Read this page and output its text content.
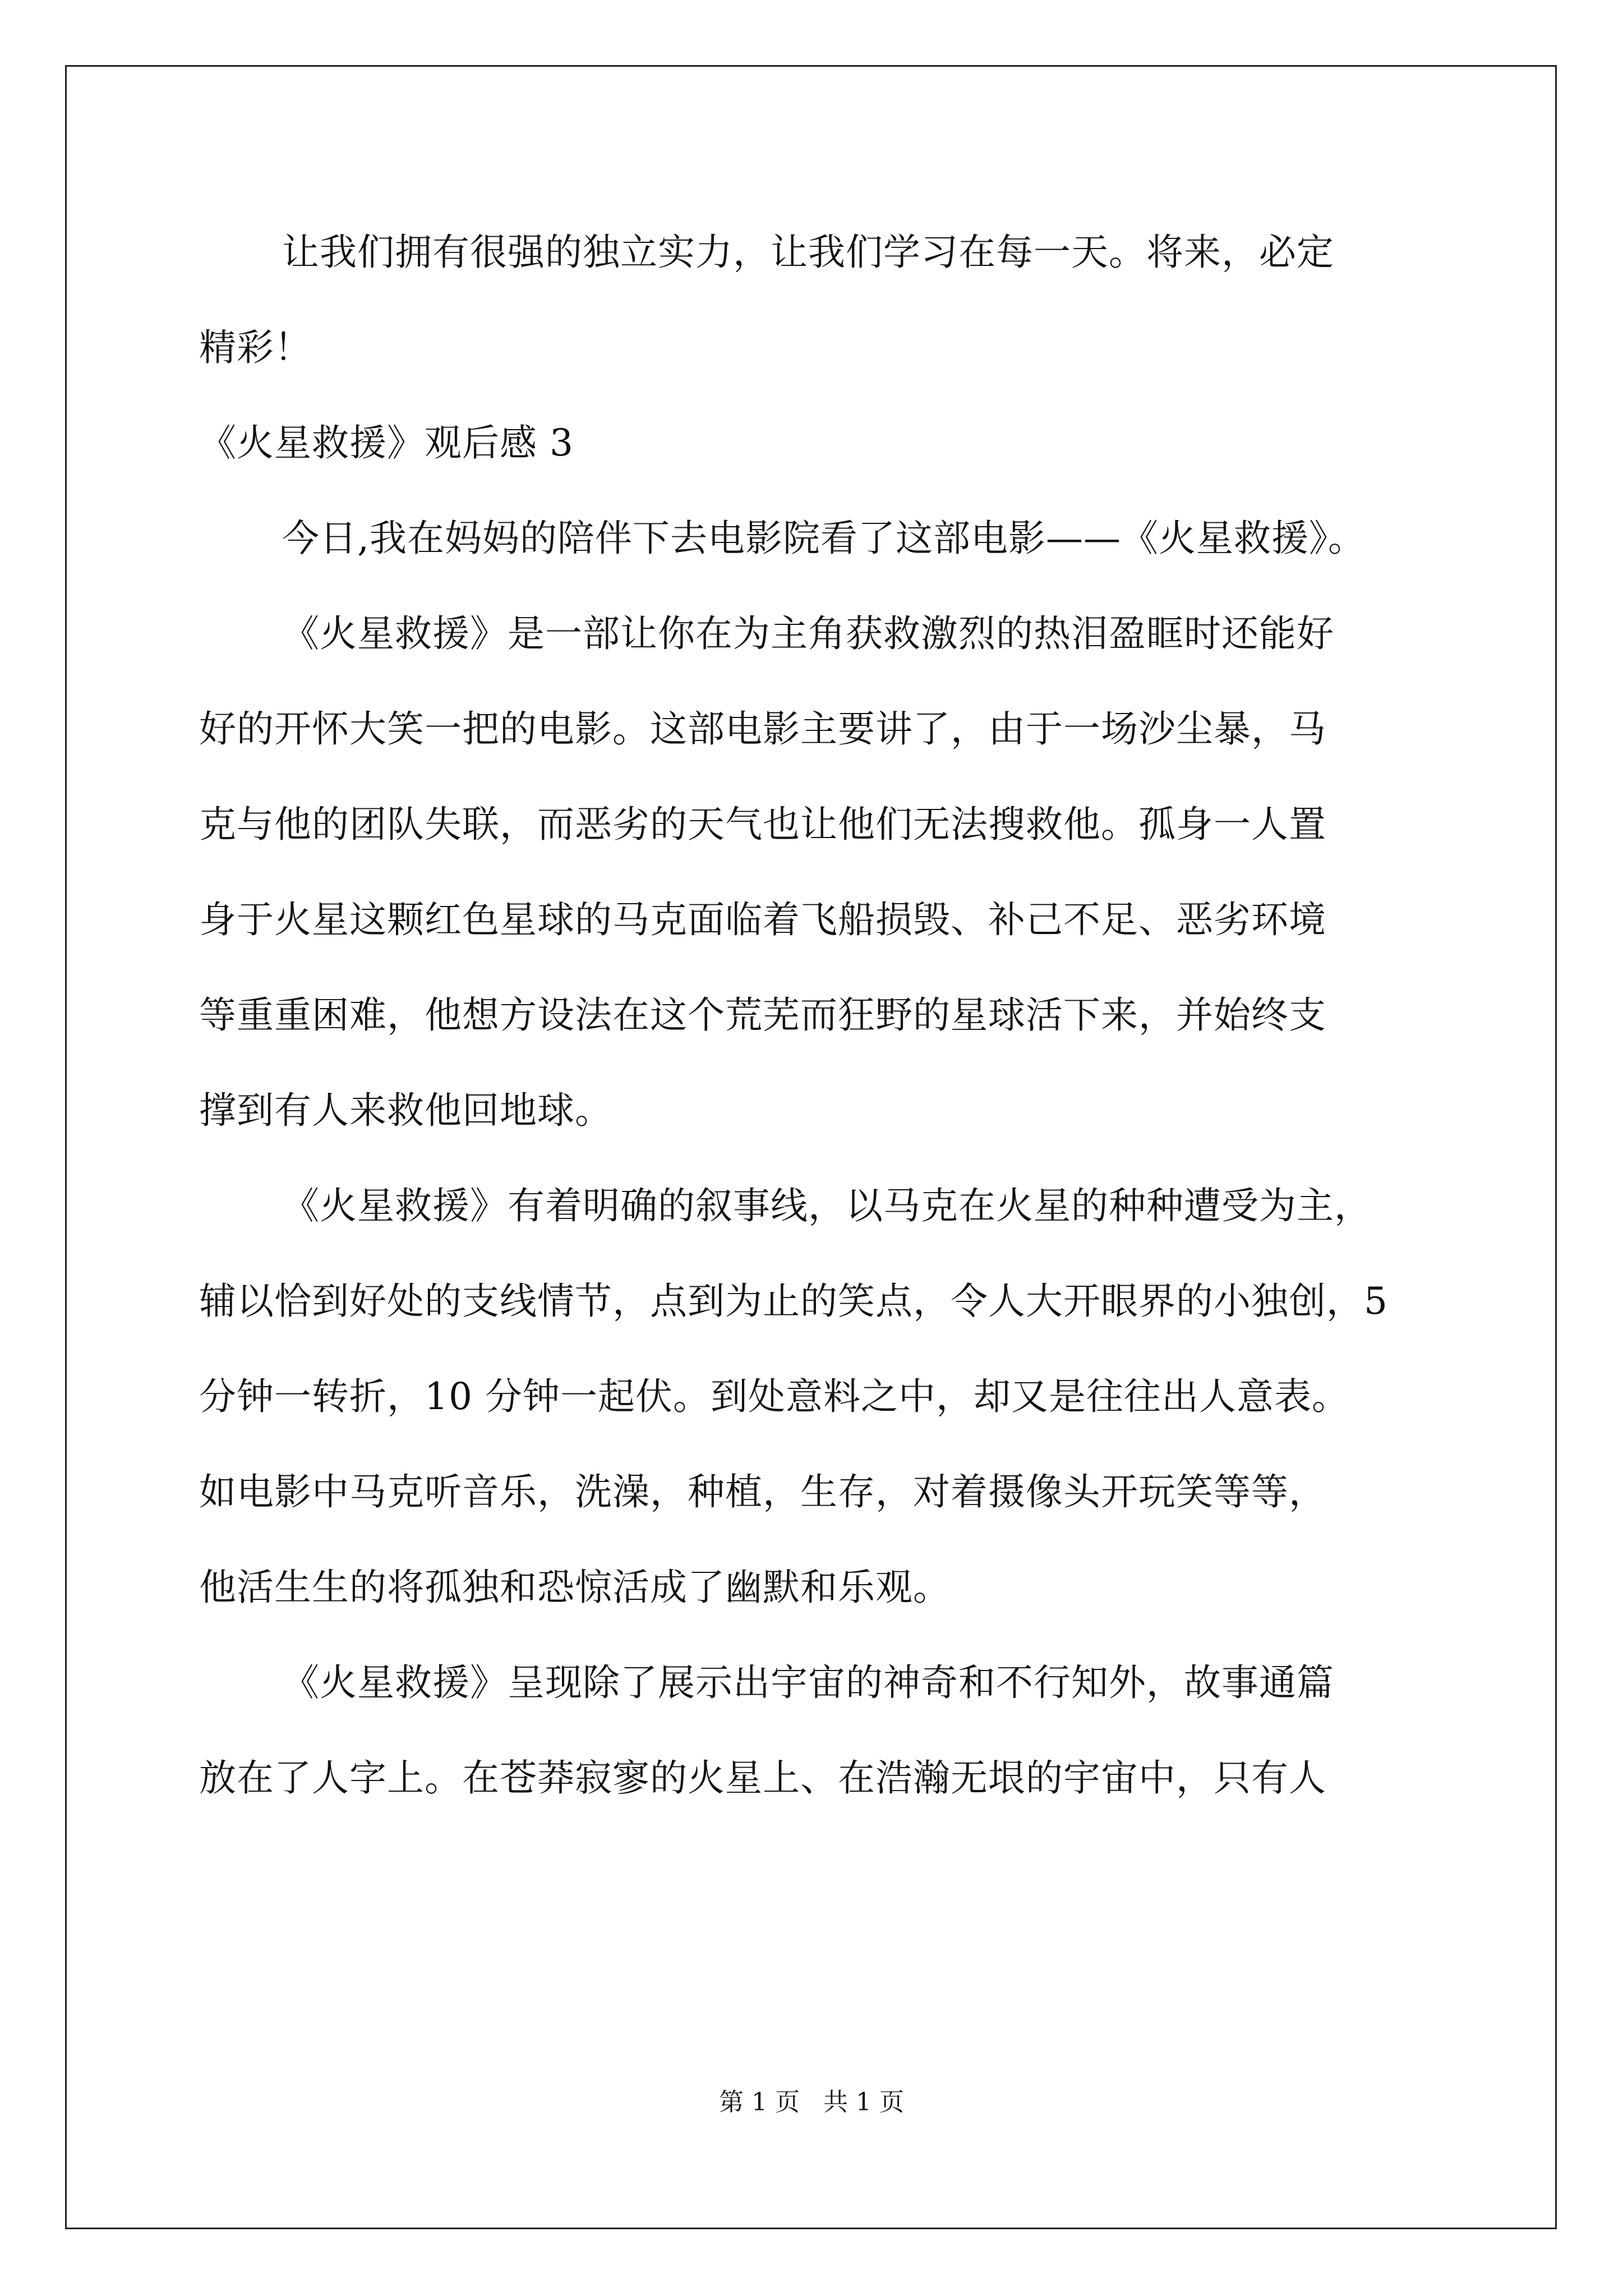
让我们拥有很强的独立实力，让我们学习在每一天。将来，必定
精彩！
《火星救援》观后感 3
今日,我在妈妈的陪伴下去电影院看了这部电影——《火星救援》。
《火星救援》是一部让你在为主角获救激烈的热泪盈眶时还能好
好的开怀大笑一把的电影。这部电影主要讲了，由于一场沙尘暴，马
克与他的团队失联，而恶劣的天气也让他们无法搜救他。孤身一人置
身于火星这颗红色星球的马克面临着飞船损毁、补己不足、恶劣环境
等重重困难，他想方设法在这个荒芜而狂野的星球活下来，并始终支
撑到有人来救他回地球。
《火星救援》有着明确的叙事线，以马克在火星的种种遭受为主，
辅以恰到好处的支线情节，点到为止的笑点，令人大开眼界的小独创，5
分钟一转折，10 分钟一起伏。到处意料之中，却又是往往出人意表。
如电影中马克听音乐，洗澡，种植，生存，对着摄像头开玩笑等等，
他活生生的将孤独和恐惊活成了幽默和乐观。
《火星救援》呈现除了展示出宇宙的神奇和不行知外，故事通篇
放在了人字上。在苍莽寂寥的火星上、在浩瀚无垠的宇宙中，只有人
第 1 页   共 1 页
